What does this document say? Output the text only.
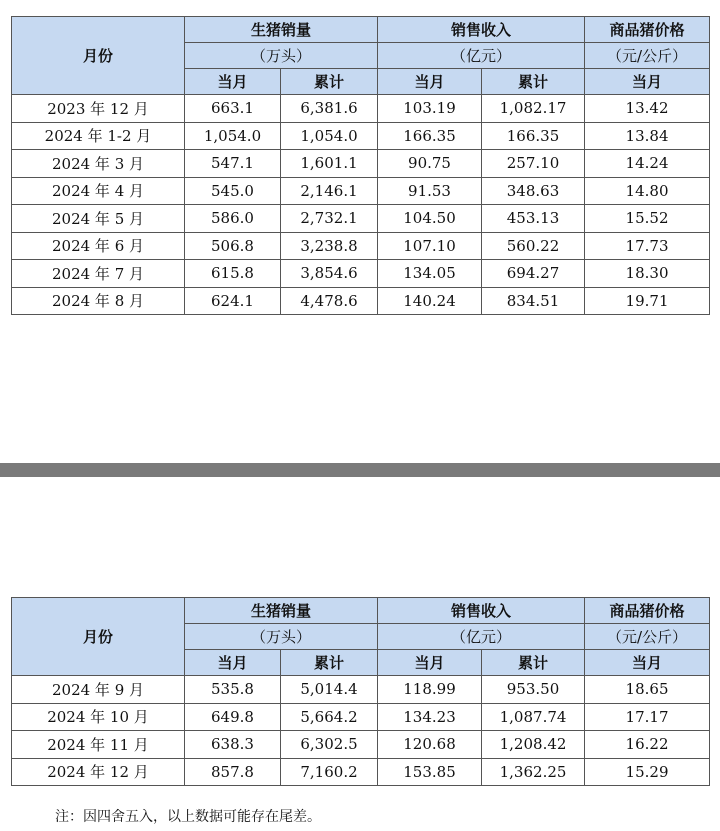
月份	生猪销量		销售收入		商品猪价格
	（万头）		（亿元）		（元/公斤）
	当月	累计	当月	累计	当月
2023 年 12 月	663.1	6,381.6	103.19	1,082.17	13.42
2024 年 1-2 月	1,054.0	1,054.0	166.35	166.35	13.84
2024 年 3 月	547.1	1,601.1	90.75	257.10	14.24
2024 年 4 月	545.0	2,146.1	91.53	348.63	14.80
2024 年 5 月	586.0	2,732.1	104.50	453.13	15.52
2024 年 6 月	506.8	3,238.8	107.10	560.22	17.73
2024 年 7 月	615.8	3,854.6	134.05	694.27	18.30
2024 年 8 月	624.1	4,478.6	140.24	834.51	19.71
月份	生猪销量		销售收入		商品猪价格
	（万头）		（亿元）		（元/公斤）
	当月	累计	当月	累计	当月
2024 年 9 月	535.8	5,014.4	118.99	953.50	18.65
2024 年 10 月	649.8	5,664.2	134.23	1,087.74	17.17
2024 年 11 月	638.3	6,302.5	120.68	1,208.42	16.22
2024 年 12 月	857.8	7,160.2	153.85	1,362.25	15.29
注：因四舍五入，以上数据可能存在尾差。
